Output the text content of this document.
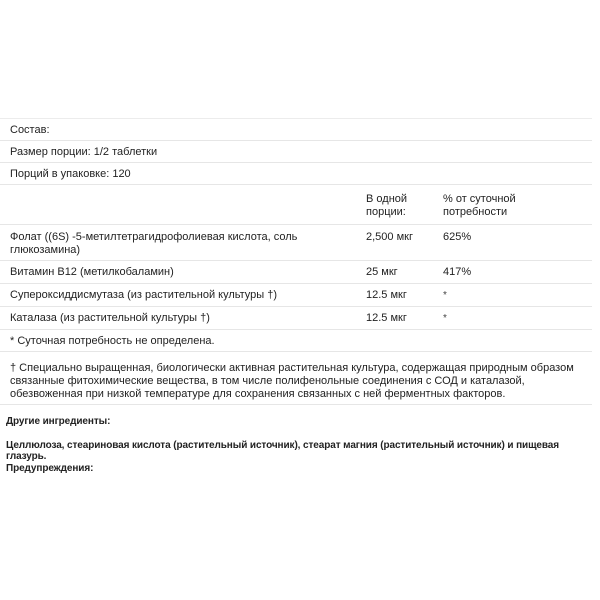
Состав:		
Размер порции: 1/2 таблетки		
Порций в упаковке: 120		

В одной
порции:

% от суточной
потребности

Фолат ((6S) -5-метилтетрагидрофолиевая кислота, соль
глюкозамина)	2,500 мкг	625%
Витамин B12 (метилкобаламин)	25 мкг	417%
Супероксиддисмутаза (из растительной культуры †)	12.5 мкг	*
Каталаза (из растительной культуры †)	12.5 мкг	*
* Суточная потребность не определена.		

† Специально выращенная, биологически активная растительная культура, содержащая природным образом
связанные фитохимические вещества, в том числе полифенольные соединения с СОД и каталазой,
обезвоженная при низкой температуре для сохранения связанных с ней ферментных факторов.		
Другие ингредиенты:
Целлюлоза, стеариновая кислота (растительный источник), стеарат магния (растительный источник) и пищевая глазурь.
Предупреждения:
